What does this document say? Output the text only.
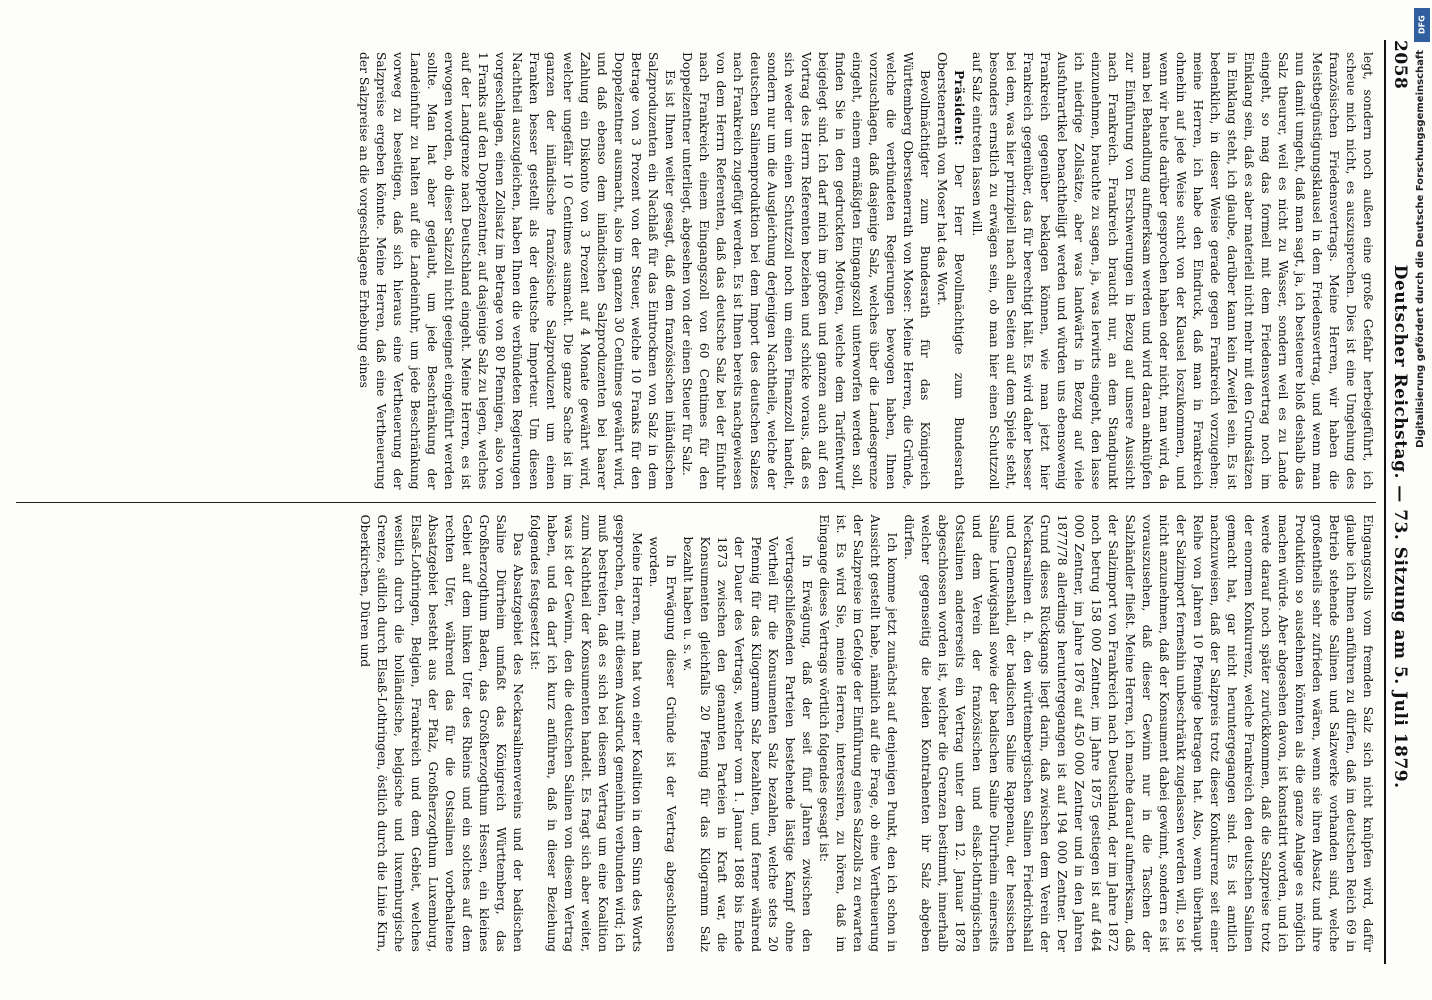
2058
Deutscher Reichstag. — 73. Sitzung am 5. Juli 1879.

legt, sondern noch außen eine große Gefahr herbeigeführt, ich scheue mich nicht, es auszusprechen. Dies ist eine Umgehung des französischen Friedensvertrags. Meine Herren, wir haben die Meistbegünstigungsklausel in dem Friedensvertrag, und wenn man nun damit umgeht, daß man sagt, ja, ich besteuere bloß deshalb das Salz theurer, weil es nicht zu Wasser, sondern weil es zu Lande eingeht, so mag das formell mit dem Friedensvertrag noch im Einklang sein, daß es aber materiell nicht mehr mit den Grundsätzen in Einklang steht, ich glaube, darüber kann kein Zweifel sein. Es ist bedenklich, in dieser Weise gerade gegen Frankreich vorzugehen; meine Herren, ich habe den Eindruck, daß man in Frankreich ohnehin auf jede Weise sucht von der Klausel loszukommen, und wenn wir heute darüber gesprochen haben oder nicht, man wird, da man bei Behandlung aufmerksam werden und wird daran anknüpfen zur Einführung von Erschwerungen in Bezug auf unsere Aussicht nach Frankreich. Frankreich braucht nur, an dem Standpunkt einzunehmen, brauchte zu sagen, ja, was lerwirts eingeht, den lasse ich niedrige Zollsätze, aber was landwärts in Bezug auf viele Ausfuhrartikel benachtheiligt werden und würden uns ebensowenig Frankreich gegenüber beklagen können, wie man jetzt hier Frankreich gegenüber, das für berechtigt hält. Es wird daher besser bei dem, was hier prinzipiell nach allen Seiten auf dem Spiele steht, besonders ernstlich zu erwägen sein, ob man hier einen Schutzzoll auf Salz eintreten lassen will.

Präsident: Der Herr Bevollmächtigte zum Bundesrath Oberstenerrath von Moser hat das Wort.

Bevollmächtigter zum Bundesrath für das Königreich Württemberg Oberstenerrath von Moser: Meine Herren, die Gründe, welche die verbündeten Regierungen bewogen haben, Ihnen vorzuschlagen, daß dasjenige Salz, welches über die Landesgrenze eingeht, einem ermäßigten Eingangszoll unterworfen werden soll, finden Sie in den gedruckten Motiven, welche dem Tarifentwurf beigelegt sind. Ich darf mich im großen und ganzen auch auf den Vortrag des Herrn Referenten beziehen und schicke voraus, daß es sich weder um einen Schutzzoll noch um einen Finanzzoll handelt, sondern nur um die Ausgleichung derjenigen Nachtheile, welche der deutschen Salinenproduktion bei dem Import des deutschen Salzes nach Frankreich zugefügt werden. Es ist Ihnen bereits nachgewiesen von dem Herrn Referenten, daß das deutsche Salz bei der Einfuhr nach Frankreich einem Eingangszoll von 60 Centimes für den Doppelzentner unterliegt, abgesehen von der einen Steuer für Salz.

Es ist Ihnen weiter gesagt, daß dem französischen inländischen Salzproduzenten ein Nachlaß für das Eintrocknen von Salz in dem Betrage von 3 Prozent von der Steuer, welche 10 Franks für den Doppelzentner ausmacht, also im ganzen 30 Centimes gewährt wird, und daß ebenso dem inländischen Salzproduzenten bei baarer Zahlung ein Diskonto von 3 Prozent auf 4 Monate gewährt wird, welcher ungefähr 10 Centimes ausmacht. Die ganze Sache ist im ganzen der inländische französische Salzproduzent um einen Franken besser gestellt als der deutsche Importeur. Um diesen Nachtheil auszugleichen, haben Ihnen die verbündeten Regierungen vorgeschlagen, einen Zollsatz im Betrage von 80 Pfennigen, also von 1 Franks auf den Doppelzentner, auf dasjenige Salz zu legen, welches auf der Landgrenze nach Deutschland eingeht. Meine Herren, es ist erwogen worden, ob dieser Salzzoll nicht geeignet eingeführt werden sollte. Man hat aber geglaubt, um jede Beschränkung der Landeinfuhr zu halten auf die Landeinfuhr, um jede Beschränkung vorweg zu beseitigen, daß sich hieraus eine Vertheuerung der Salzpreise ergeben könnte. Meine Herren, daß eine Vertheuerung der Salzpreise an die vorgeschlagene Erhebung eines

Eingangszolls vom fremden Salz sich nicht knüpfen wird, dafür glaube ich Ihnen anführen zu dürfen, daß im deutschen Reich 69 in Betrieb stehende Salinen und Salzwerke vorhanden sind, welche großentheils sehr zufrieden wären, wenn sie ihren Absatz und ihre Produktion so ausdehnen könnten als die ganze Anlage es möglich machen würde. Aber abgesehen davon, ist konstatirt worden, und ich werde darauf noch später zurückkommen, daß die Salzpreise trotz der enormen Konkurrenz, welche Frankreich den deutschen Salinen gemacht hat, gar nicht heruntergegangen sind. Es ist amtlich nachzuweisen, daß der Salzpreis trotz dieser Konkurrenz seit einer Reihe von Jahren 10 Pfennige betragen hat. Also, wenn überhaupt der Salzimport ferneshin unbeschränkt zugelassen werden will, so ist nicht anzunehmen, daß der Konsument dabei gewinnt, sondern es ist vorauszusehen, daß dieser Gewinn nur in die Taschen der Salzhändler fließt. Meine Herren, ich mache darauf aufmerksam, daß der Salzimport von Frankreich nach Deutschland, der im Jahre 1872 noch betrug 158 000 Zentner, im Jahre 1875 gestiegen ist auf 464 000 Zentner, im Jahre 1876 auf 450 000 Zentner und in den Jahren 1877/78 allerdings heruntergegangen ist auf 194 000 Zentner. Der Grund dieses Rückgangs liegt darin, daß zwischen dem Verein der Neckarsalinen d. h. den württembergischen Salinen Friedrichshall und Clemenshall, der badischen Saline Rappenau, der hessischen Saline Ludwigshall sowie der badischen Saline Dürrheim einerseits und dem Verein der französischen und elsaß-lothringischen Ostsalinen andererseits ein Vertrag unter dem 12. Januar 1878 abgeschlossen worden ist, welcher die Grenzen bestimmt, innerhalb welcher gegenseitig die beiden Kontrahenten ihr Salz abgeben dürfen.

Ich komme jetzt zunächst auf denjenigen Punkt, den ich schon in Aussicht gestellt habe, nämlich auf die Frage, ob eine Vertheuerung der Salzpreise im Gefolge der Einführung eines Salzzolls zu erwarten ist. Es wird Sie, meine Herren, interessiren, zu hören, daß im Eingange dieses Vertrags wörtlich folgendes gesagt ist:

In Erwägung, daß der seit fünf Jahren zwischen den vertragschließenden Parteien bestehende lästige Kampf ohne Vortheil für die Konsumenten Salz bezahlen, welche stets 20 Pfennig für das Kilogramm Salz bezahlten, und ferner während der Dauer des Vertrags, welcher vom 1. Januar 1868 bis Ende 1873 zwischen den genannten Parteien in Kraft war, die Konsumenten gleichfalls 20 Pfennig für das Kilogramm Salz bezahlt haben u. s. w.

In Erwägung dieser Gründe ist der Vertrag abgeschlossen worden.

Meine Herren, man hat von einer Koalition in dem Sinn des Worts gesprochen, der mit diesem Ausdruck gemeinhin verbunden wird; ich muß bestreiten, daß es sich bei diesem Vertrag um eine Koalition zum Nachtheil der Konsumenten handelt. Es fragt sich aber weiter, was ist der Gewinn, den die deutschen Salinen von diesem Vertrag haben, und da darf ich kurz anführen, daß in dieser Beziehung folgendes festgesetzt ist:

Das Absatzgebiet des Neckarsalinenvereins und der badischen Saline Dürrheim umfaßt das Königreich Württemberg, das Großherzogthum Baden, das Großherzogthum Hessen, ein kleines Gebiet auf dem linken Ufer des Rheins und ein solches auf dem rechten Ufer, während das für die Ostsalinen vorbehaltene Absatzgebiet besteht aus der Pfalz, Großherzogthum Luxemburg, Elsaß-Lothringen, Belgien, Frankreich und dem Gebiet, welches westlich durch die holländische, belgische und luxemburgische Grenze, südlich durch Elsaß-Lothringen, östlich durch die Linie Kirn, Oberkirchen, Düren und

DFG
Digitalisierung gefördert durch die Deutsche Forschungsgemeinschaft
